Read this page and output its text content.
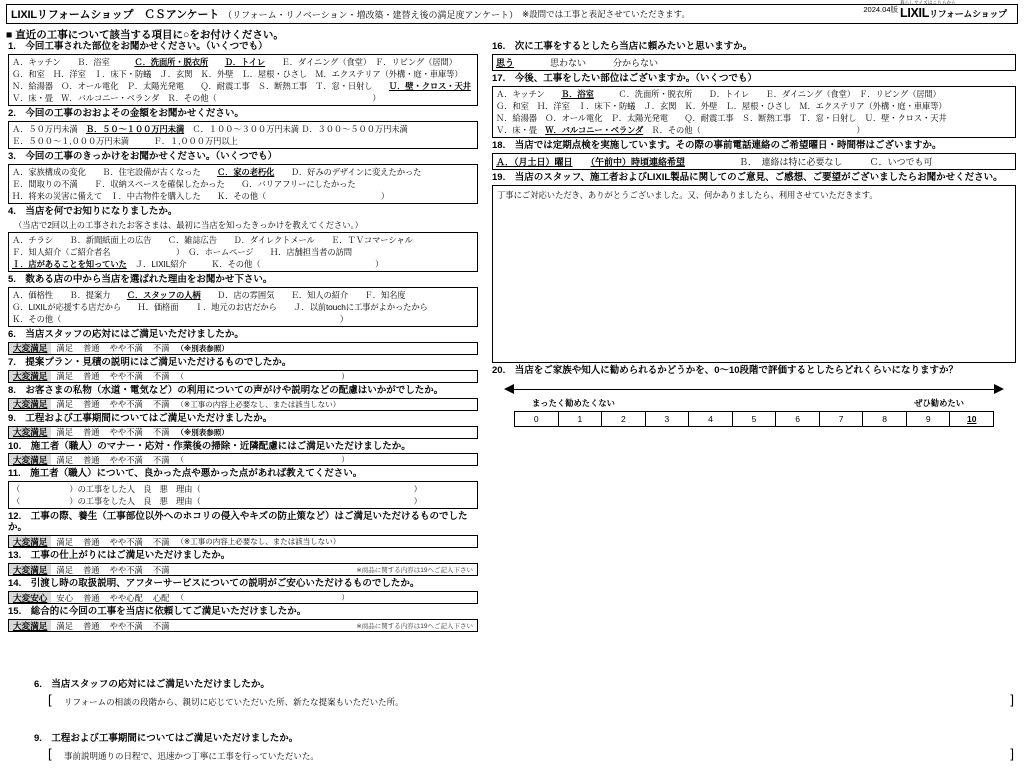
LIXILリフォームショップ　ＣＳアンケート （リフォーム・リノベーション・増改築・建替え後の満足度アンケート） ※設問では工事と表記させていただきます。	2024.04版
暮らしサイズはこちらから
LIXILリフォームショップ
■ 直近の工事について該当する項目に○をお付けください。
1.　今回工事された部位をお聞かせください。（いくつでも）
Ａ．キッチン　　Ｂ．浴室　　　Ｃ．洗面所・脱衣所　　 Ｄ．トイレ　　Ｅ．ダイニング（食堂）　Ｆ．リビング（居間）
Ｇ．和室　Ｈ．洋室　Ｉ．床下・防蟻　Ｊ．玄関　Ｋ．外壁　Ｌ．屋根・ひさし　Ｍ．エクステリア（外構・庭・車庫等）
Ｎ．給湯器　Ｏ．オール電化　Ｐ．太陽光発電　　Ｑ．耐震工事　Ｓ．断熱工事　Ｔ．窓・日射し　　Ｕ．壁・クロス・天井
Ｖ．床・畳　Ｗ．バルコニー・ベランダ　Ｒ．その他（　　　　　　　　　　　　　　　　　　　）
2.　今回の工事のおおよその金額をお聞かせください。
Ａ．５０万円未満　Ｂ．５０～１００万円未満　Ｃ．１００～３００万円未満 Ｄ．３００～５００万円未満
Ｅ．５００～１,０００万円未満　　　Ｆ．１,０００万円以上
3.　今回の工事のきっかけをお聞かせください。（いくつでも）
Ａ．家族構成の変化　　Ｂ．住宅設備が古くなった　　Ｃ．家の老朽化　　Ｄ．好みのデザインに変えたかった
Ｅ．間取りの不満　　Ｆ．収納スペースを確保したかった　　Ｇ．バリアフリーにしたかった
Ｈ．将来の災害に備えて　Ｉ．中古物件を購入した　　Ｋ．その他（　　　　　　　　　　　　　　）
4.　当店を何でお知りになりましたか。
（当店で2回以上の工事されたお客さまは、最初に当店を知ったきっかけを教えてください。）
Ａ．チラシ　　Ｂ．新聞紙面上の広告　　Ｃ．雑誌広告　　Ｄ．ダイレクトメール　　Ｅ．ＴＶコマーシャル
Ｆ．知人紹介（ご紹介者名　　　　　　　　）　Ｇ．ホームページ　　Ｈ．店舗担当者の訪問
Ｉ．店があることを知っていた　Ｊ．LIXIL紹介　　　Ｋ．その他（　　　　　　　　　　　　　　）
5.　数ある店の中から当店を選ばれた理由をお聞かせ下さい。
Ａ．価格性　　Ｂ．提案力　　Ｃ．スタッフの人柄　　Ｄ．店の雰囲気　　Ｅ．知人の紹介　　Ｆ．知名度
Ｇ．LIXILが応援する店だから　　Ｈ．価格面　　Ｉ．地元のお店だから　　Ｊ．以前touchに工事がよかったから
Ｋ．その他（　　　　　　　　　　　　　　　　　　　　　　　　　　　　　　　　　　）
6.　当店スタッフの応対にはご満足いただけましたか。
大変満足	満足	普通	やや不満	不満 （※別表参照）
7.　提案プラン・見積の説明にはご満足いただけるものでしたか。
大変満足	満足	普通	やや不満	不満 （　　　　　　　　　　　　　　　　　　　　　）
8.　お客さまの私物（水道・電気など）の利用についての声がけや説明などの配慮はいかがでしたか。
大変満足	満足	普通	やや不満	不満 （※工事の内容上必要なし、または該当しない）
9.　工程および工事期間についてはご満足いただけましたか。
大変満足	満足	普通	やや不満	不満 （※別表参照）
10.　施工者（職人）のマナー・応対・作業後の掃除・近隣配慮にはご満足いただけましたか。
大変満足	満足	普通	やや不満	不満 （　　　　　　　　　　　　　　　　　　　　　）
11.　施工者（職人）について、良かった点や悪かった点があれば教えてください。
（　　　　　　）の工事をした人　良　悪　理由（　　　　　　　　　　　　　　　　　　　　　　　　　　）
（　　　　　　）の工事をした人　良　悪　理由（　　　　　　　　　　　　　　　　　　　　　　　　　　）
12.　工事の際、養生（工事部位以外へのホコリの侵入やキズの防止策など）はご満足いただけるものでしたか。
大変満足	満足	普通	やや不満	不満 （※工事の内容上必要なし、または該当しない）
13.　工事の仕上がりにはご満足いただけましたか。
大変満足	満足	普通	やや不満	不満	※商品に関する内容は19へご記入下さい
14.　引渡し時の取扱説明、アフターサービスについての説明がご安心いただけるものでしたか。
大変安心	安心	普通	やや心配	心配 （　　　　　　　　　　　　　　　　　　　　　）
15.　総合的に今回の工事を当店に依頼してご満足いただけましたか。
大変満足	満足	普通	やや不満	不満	※商品に関する内容は19へご記入下さい
16.　次に工事をするとしたら当店に頼みたいと思いますか。
思う　　　　思わない　　　分からない
17.　今後、工事をしたい部位はございますか。（いくつでも）
Ａ．キッチン　　Ｂ．浴室　　　Ｃ．洗面所・脱衣所　　Ｄ．トイレ　　Ｅ．ダイニング（食堂）　Ｆ．リビング（居間）
Ｇ．和室　Ｈ．洋室　Ｉ．床下・防蟻　Ｊ．玄関　Ｋ．外壁　Ｌ．屋根・ひさし　Ｍ．エクステリア（外構・庭・車庫等）
Ｎ．給湯器　Ｏ．オール電化　Ｐ．太陽光発電　　Ｑ．耐震工事　Ｓ．断熱工事　Ｔ．窓・日射し　Ｕ．壁・クロス・天井
Ｖ．床・畳　Ｗ．バルコニー・ベランダ　Ｒ．その他（　　　　　　　　　　　　　　　　　　　）
18.　当店では定期点検を実施しています。その際の事前電話連絡のご希望曜日・時間帯はございますか。
Ａ．（月土日）曜日　　 （午前中）時頃連絡希望　　　　　　Ｂ．　連絡は特に必要なし　　　Ｃ．いつでも可
19.　当店のスタッフ、施工者およびLIXIL製品に関してのご意見、ご感想、ご要望がございましたらお聞かせください。
丁事にご対応いただき、ありがとうございました。又、何かありましたら、利用させていただきます。
20.　当店をご家族や知人に勧められるかどうかを、0～10段階で評価するとしたらどれくらいになりますか？
まったく勧めたくない	ぜひ勧めたい
0	1	2	3	4	5	6	7	8	9	10
6.　当店スタッフの応対にはご満足いただけましたか。
[ リフォームの相談の段階から、親切に応じていただいた所、新たな提案もいただいた所。	]
9.　工程および工事期間についてはご満足いただけましたか。
[ 事前説明通りの日程で、迅速かつ丁寧に工事を行っていただいた。	]
